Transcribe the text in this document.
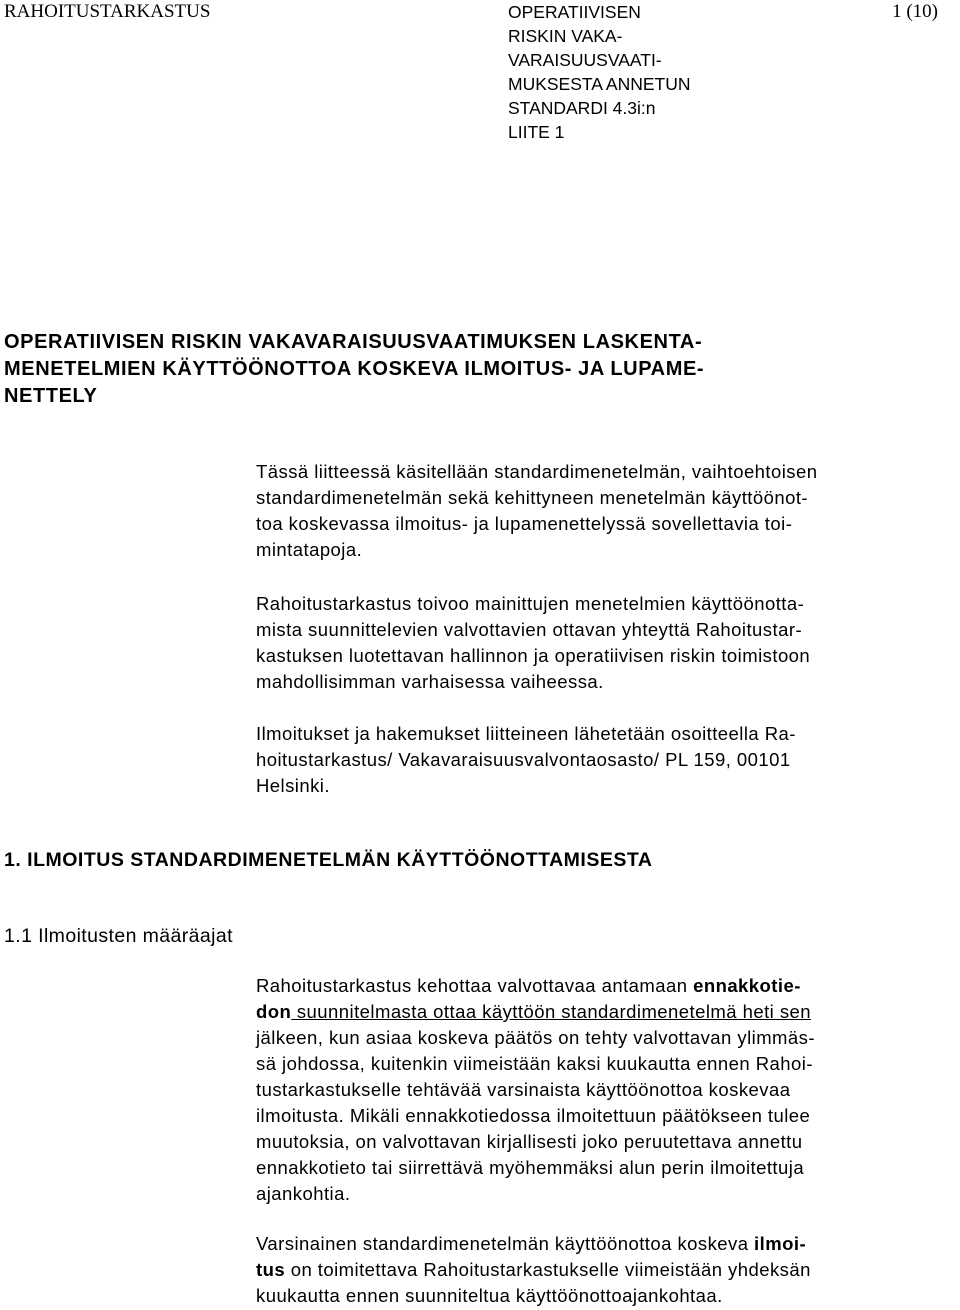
RAHOITUSTARKASTUS	OPERATIIVISEN
RISKIN VAKA-
VARAISUUSVAATI-
MUKSESTA ANNETUN
STANDARDI 4.3i:n
LIITE 1
1 (10)
OPERATIIVISEN RISKIN VAKAVARAISUUSVAATIMUKSEN LASKENTA-
MENETELMIEN KÄYTTÖÖNOTTOA KOSKEVA ILMOITUS- JA LUPAME-
NETTELY
Tässä liitteessä käsitellään standardimenetelmän, vaihtoehtoisen
standardimenetelmän sekä kehittyneen menetelmän käyttöönot-
toa koskevassa ilmoitus- ja lupamenettelyssä sovellettavia toi-
mintatapoja.
Rahoitustarkastus toivoo mainittujen menetelmien käyttöönotta-
mista suunnittelevien valvottavien ottavan yhteyttä Rahoitustar-
kastuksen luotettavan hallinnon ja operatiivisen riskin toimistoon
mahdollisimman varhaisessa vaiheessa.
Ilmoitukset ja hakemukset liitteineen lähetetään osoitteella Ra-
hoitustarkastus/ Vakavaraisuusvalvontaosasto/ PL 159, 00101
Helsinki.
1. ILMOITUS STANDARDIMENETELMÄN KÄYTTÖÖNOTTAMISESTA
1.1 Ilmoitusten määräajat
Rahoitustarkastus kehottaa valvottavaa antamaan ennakkotie-
don suunnitelmasta ottaa käyttöön standardimenetelmä heti sen
jälkeen, kun asiaa koskeva päätös on tehty valvottavan ylimmäs-
sä johdossa, kuitenkin viimeistään kaksi kuukautta ennen Rahoi-
tustarkastukselle tehtävää varsinaista käyttöönottoa koskevaa
ilmoitusta. Mikäli ennakkotiedossa ilmoitettuun päätökseen tulee
muutoksia, on valvottavan kirjallisesti joko peruutettava annettu
ennakkotieto tai siirrettävä myöhemmäksi alun perin ilmoitettuja
ajankohtia.
Varsinainen standardimenetelmän käyttöönottoa koskeva ilmoi-
tus on toimitettava Rahoitustarkastukselle viimeistään yhdeksän
kuukautta ennen suunniteltua käyttöönottoajankohtaa.
